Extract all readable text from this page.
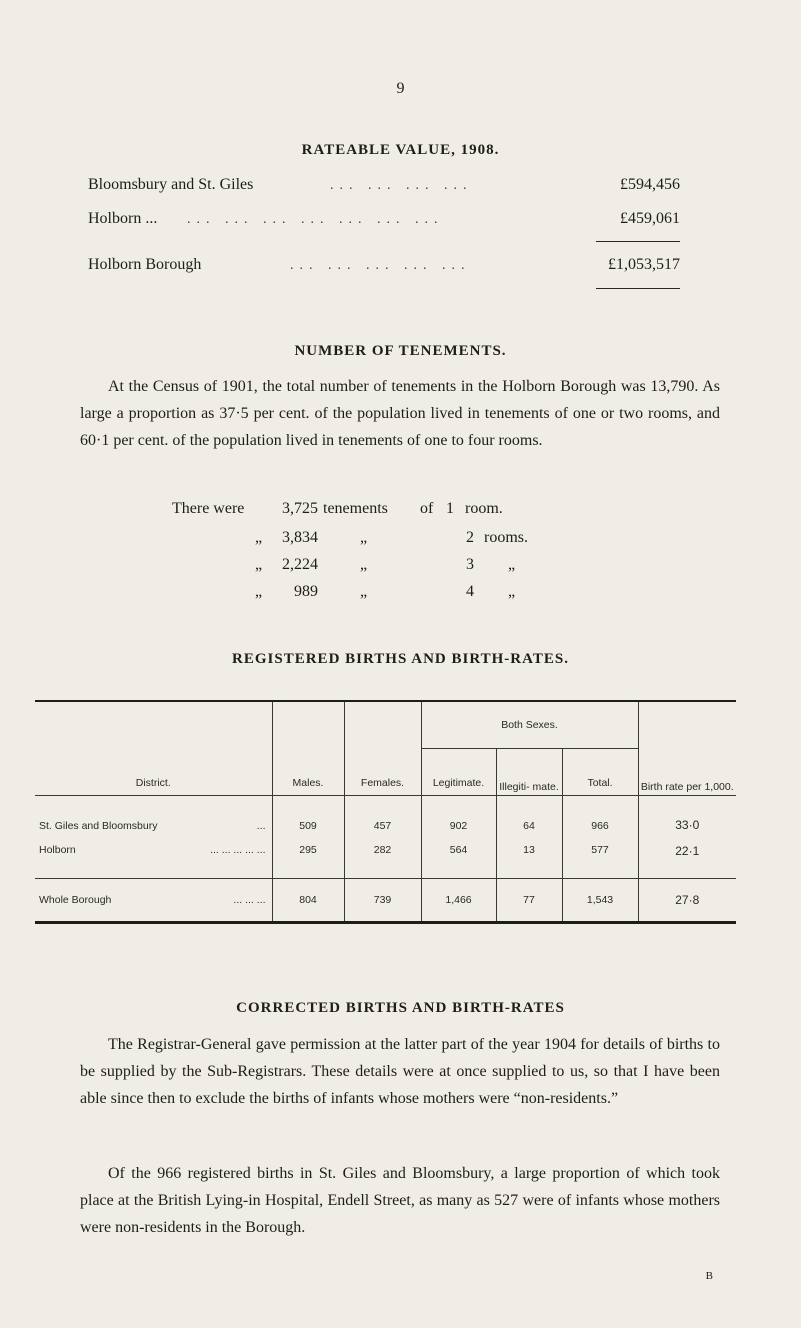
9
RATEABLE VALUE, 1908.
Bloomsbury and St. Giles	... ... ... ...	£594,456
Holborn ... ... ... ... ... ... ... ...	£459,061
Holborn Borough	... ... ... ... ...	£1,053,517
NUMBER OF TENEMENTS.
At the Census of 1901, the total number of tenements in the Holborn Borough was 13,790. As large a proportion as 37·5 per cent. of the population lived in tenements of one or two rooms, and 60·1 per cent. of the population lived in tenements of one to four rooms.
There were	3,725 tenements of 1 room.
„	3,834	„	2 rooms.
„	2,224	„	3 „
„	989	„	4 „
REGISTERED BIRTHS AND BIRTH-RATES.
District.	Males.	Females.	Both Sexes.			Birth rate per 1,000.
			Legitimate.	Illegiti- mate.	Total.	
St. Giles and Bloomsbury ...	509	457	902	64	966	33·0
Holborn ... ... ... ... ...	295	282	564	13	577	22·1
Whole Borough ... ... ...	804	739	1,466	77	1,543	27·8
CORRECTED BIRTHS AND BIRTH-RATES
The Registrar-General gave permission at the latter part of the year 1904 for details of births to be supplied by the Sub-Registrars. These details were at once supplied to us, so that I have been able since then to exclude the births of infants whose mothers were “non-residents.”
Of the 966 registered births in St. Giles and Bloomsbury, a large proportion of which took place at the British Lying-in Hospital, Endell Street, as many as 527 were of infants whose mothers were non-residents in the Borough.
B
